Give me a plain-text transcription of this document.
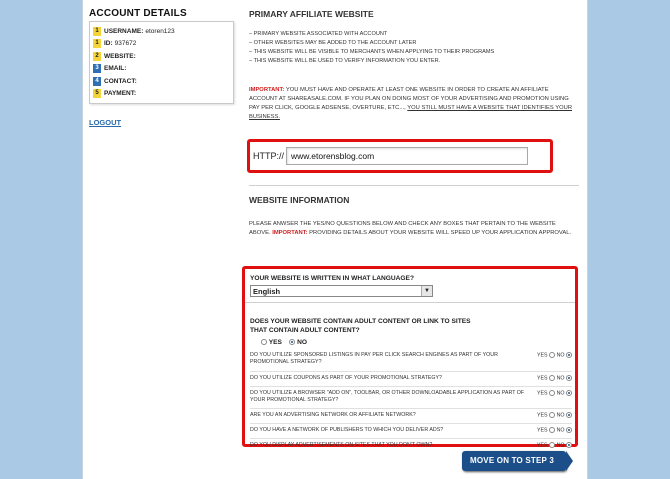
ACCOUNT DETAILS
1 USERNAME: etoren123
1 ID: 937672
2 WEBSITE:
3 EMAIL:
4 CONTACT:
5 PAYMENT:
LOGOUT
PRIMARY AFFILIATE WEBSITE
– PRIMARY WEBSITE ASSOCIATED WITH ACCOUNT
– OTHER WEBSITES MAY BE ADDED TO THE ACCOUNT LATER
– THIS WEBSITE WILL BE VISIBLE TO MERCHANTS WHEN APPLYING TO THEIR PROGRAMS
– THIS WEBSITE WILL BE USED TO VERIFY INFORMATION YOU ENTER.
IMPORTANT: YOU MUST HAVE AND OPERATE AT LEAST ONE WEBSITE IN ORDER TO CREATE AN AFFILIATE ACCOUNT AT SHAREASALE.COM. IF YOU PLAN ON DOING MOST OF YOUR ADVERTISING AND PROMOTION USING PAY PER CLICK, GOOGLE ADSENSE, OVERTURE, ETC..., YOU STILL MUST HAVE A WEBSITE THAT IDENTIFIES YOUR BUSINESS.
HTTP://
www.etorensblog.com
WEBSITE INFORMATION
PLEASE ANWSER THE YES/NO QUESTIONS BELOW AND CHECK ANY BOXES THAT PERTAIN TO THE WEBSITE ABOVE. IMPORTANT: PROVIDING DETAILS ABOUT YOUR WEBSITE WILL SPEED UP YOUR APPLICATION APPROVAL.
YOUR WEBSITE IS WRITTEN IN WHAT LANGUAGE?
English	▼
DOES YOUR WEBSITE CONTAIN ADULT CONTENT OR LINK TO SITES
THAT CONTAIN ADULT CONTENT?
YES NO
DO YOU UTILIZE SPONSORED LISTINGS IN PAY PER CLICK SEARCH ENGINES AS PART OF YOUR PROMOTIONAL STRATEGY?
YES NO
DO YOU UTILIZE COUPONS AS PART OF YOUR PROMOTIONAL STRATEGY?	YES NO
DO YOU UTILIZE A BROWSER "ADD ON", TOOLBAR, OR OTHER DOWNLOADABLE APPLICATION AS PART OF YOUR PROMOTIONAL STRATEGY?
YES NO
ARE YOU AN ADVERTISING NETWORK OR AFFILIATE NETWORK?	YES NO
DO YOU HAVE A NETWORK OF PUBLISHERS TO WHICH YOU DELIVER ADS?	YES NO
DO YOU DISPLAY ADVERTISEMENTS ON SITES THAT YOU DON'T OWN?	YES NO
MOVE ON TO STEP 3
